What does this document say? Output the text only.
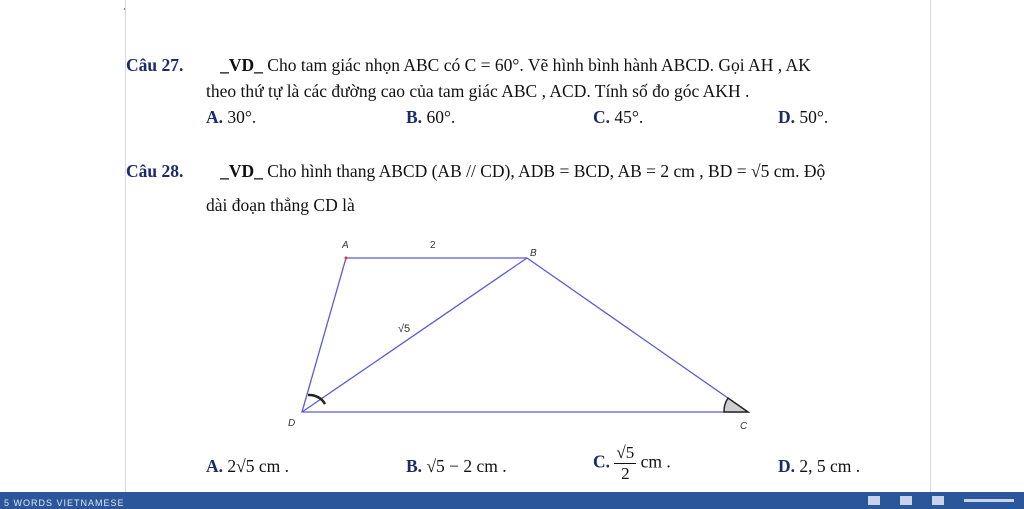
Câu 27. _VD_ Cho tam giác nhọn ABC có C = 60°. Vẽ hình bình hành ABCD. Gọi AH , AK
theo thứ tự là các đường cao của tam giác ABC , ACD. Tính số đo góc AKH .
A. 30°.	B. 60°.	C. 45°.	D. 50°.
Câu 28. _VD_ Cho hình thang ABCD (AB // CD), ADB = BCD, AB = 2 cm , BD = √5 cm. Độ
dài đoạn thẳng CD là
A
B
C
D
2
√5
A. 2√5 cm .	B. √5 − 2 cm .	C. $\frac{√5}{2}$ cm .	D. 2, 5 cm .
5 WORDS VIETNAMESE
